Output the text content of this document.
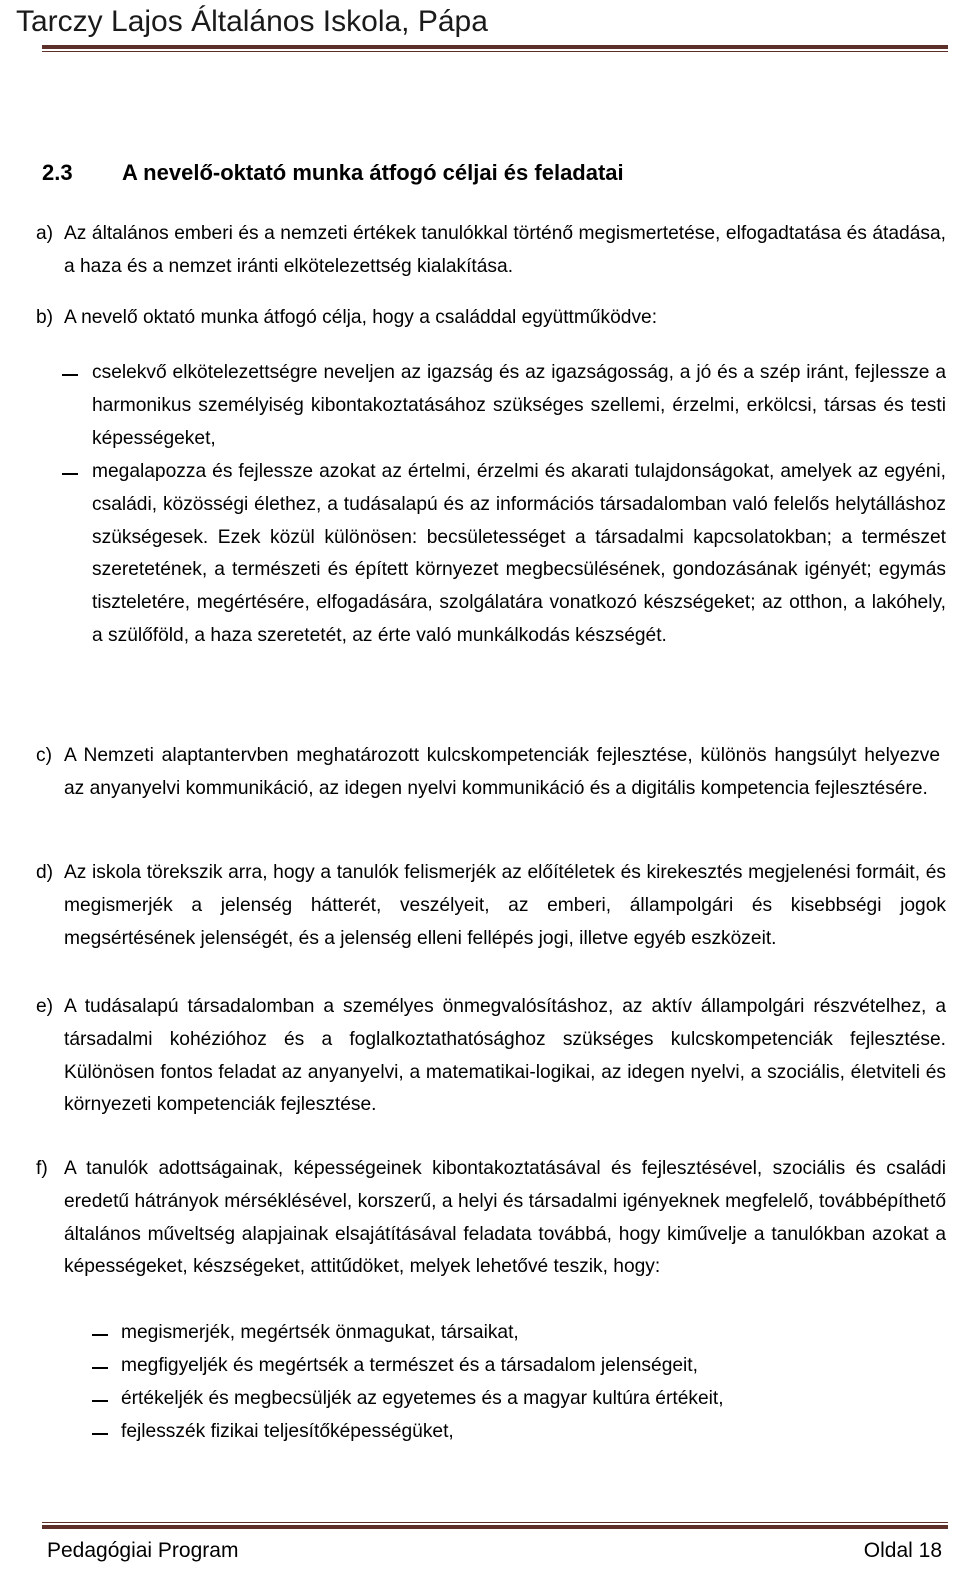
Tarczy Lajos Általános Iskola, Pápa
2.3 A nevelő-oktató munka átfogó céljai és feladatai
a) Az általános emberi és a nemzeti értékek tanulókkal történő megismertetése, elfogadtatása és átadása, a haza és a nemzet iránti elkötelezettség kialakítása.
b) A nevelő oktató munka átfogó célja, hogy a családdal együttműködve:
cselekvő elkötelezettségre neveljen az igazság és az igazságosság, a jó és a szép iránt, fejlessze a harmonikus személyiség kibontakoztatásához szükséges szellemi, érzelmi, erkölcsi, társas és testi képességeket,
megalapozza és fejlessze azokat az értelmi, érzelmi és akarati tulajdonságokat, amelyek az egyéni, családi, közösségi élethez, a tudásalapú és az információs társadalomban való felelős helytálláshoz szükségesek. Ezek közül különösen: becsületességet a társadalmi kapcsolatokban; a természet szeretetének, a természeti és épített környezet megbecsülésének, gondozásának igényét; egymás tiszteletére, megértésére, elfogadására, szolgálatára vonatkozó készségeket; az otthon, a lakóhely, a szülőföld, a haza szeretetét, az érte való munkálkodás készségét.
c) A Nemzeti alaptantervben meghatározott kulcskompetenciák fejlesztése, különös hangsúlyt helyezve az anyanyelvi kommunikáció, az idegen nyelvi kommunikáció és a digitális kompetencia fejlesztésére.
d) Az iskola törekszik arra, hogy a tanulók felismerjék az előítéletek és kirekesztés megjelenési formáit, és megismerjék a jelenség hátterét, veszélyeit, az emberi, állampolgári és kisebbségi jogok megsértésének jelenségét, és a jelenség elleni fellépés jogi, illetve egyéb eszközeit.
e) A tudásalapú társadalomban a személyes önmegvalósításhoz, az aktív állampolgári részvételhez, a társadalmi kohézióhoz és a foglalkoztathatósághoz szükséges kulcskompetenciák fejlesztése. Különösen fontos feladat az anyanyelvi, a matematikai-logikai, az idegen nyelvi, a szociális, életviteli és környezeti kompetenciák fejlesztése.
f) A tanulók adottságainak, képességeinek kibontakoztatásával és fejlesztésével, szociális és családi eredetű hátrányok mérséklésével, korszerű, a helyi és társadalmi igényeknek megfelelő, továbbépíthető általános műveltség alapjainak elsajátításával feladata továbbá, hogy kiművelje a tanulókban azokat a képességeket, készségeket, attitűdöket, melyek lehetővé teszik, hogy:
megismerjék, megértsék önmagukat, társaikat,
megfigyeljék és megértsék a természet és a társadalom jelenségeit,
értékeljék és megbecsüljék az egyetemes és a magyar kultúra értékeit,
fejlesszék fizikai teljesítőképességüket,
Pedagógiai Program	Oldal 18
